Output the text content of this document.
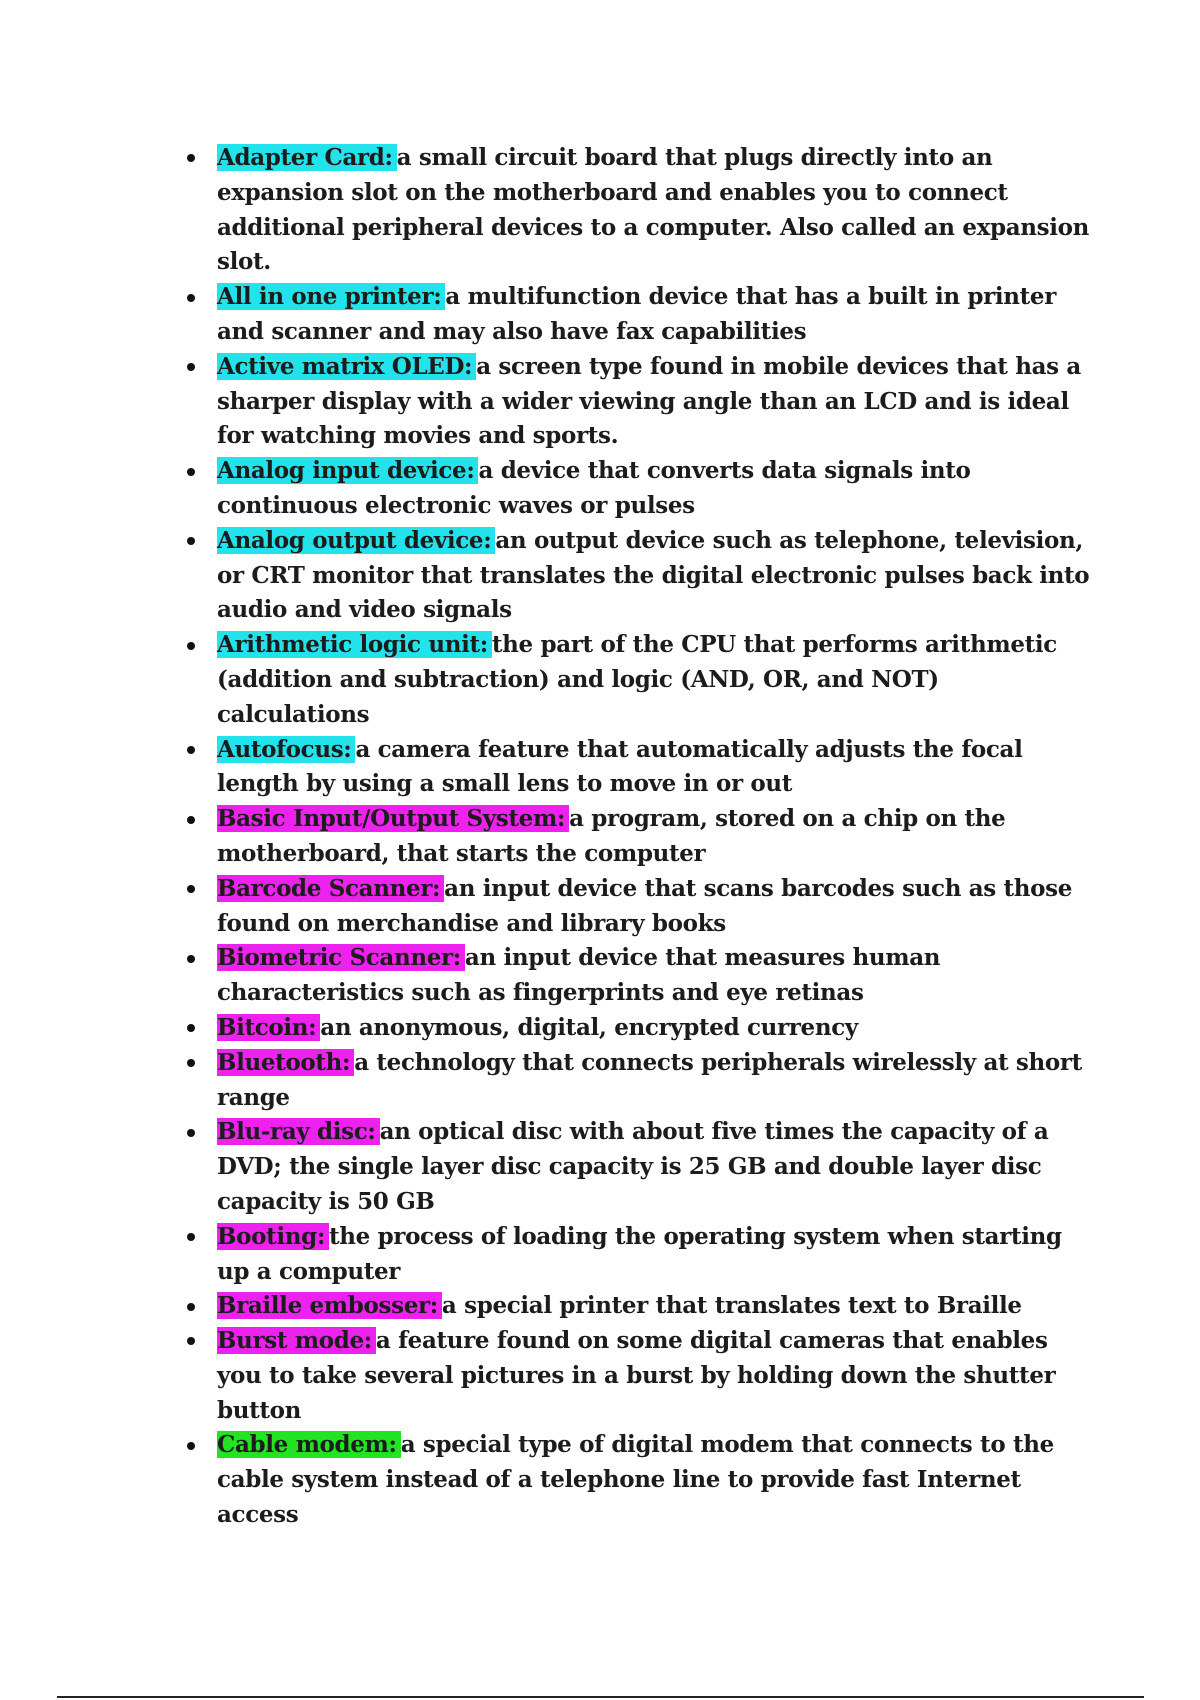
Adapter Card: a small circuit board that plugs directly into an expansion slot on the motherboard and enables you to connect additional peripheral devices to a computer. Also called an expansion slot.
All in one printer: a multifunction device that has a built in printer and scanner and may also have fax capabilities
Active matrix OLED: a screen type found in mobile devices that has a sharper display with a wider viewing angle than an LCD and is ideal for watching movies and sports.
Analog input device: a device that converts data signals into continuous electronic waves or pulses
Analog output device: an output device such as telephone, television, or CRT monitor that translates the digital electronic pulses back into audio and video signals
Arithmetic logic unit: the part of the CPU that performs arithmetic (addition and subtraction) and logic (AND, OR, and NOT) calculations
Autofocus: a camera feature that automatically adjusts the focal length by using a small lens to move in or out
Basic Input/Output System: a program, stored on a chip on the motherboard, that starts the computer
Barcode Scanner: an input device that scans barcodes such as those found on merchandise and library books
Biometric Scanner: an input device that measures human characteristics such as fingerprints and eye retinas
Bitcoin: an anonymous, digital, encrypted currency
Bluetooth: a technology that connects peripherals wirelessly at short range
Blu-ray disc: an optical disc with about five times the capacity of a DVD; the single layer disc capacity is 25 GB and double layer disc capacity is 50 GB
Booting: the process of loading the operating system when starting up a computer
Braille embosser: a special printer that translates text to Braille
Burst mode: a feature found on some digital cameras that enables you to take several pictures in a burst by holding down the shutter button
Cable modem: a special type of digital modem that connects to the cable system instead of a telephone line to provide fast Internet access
